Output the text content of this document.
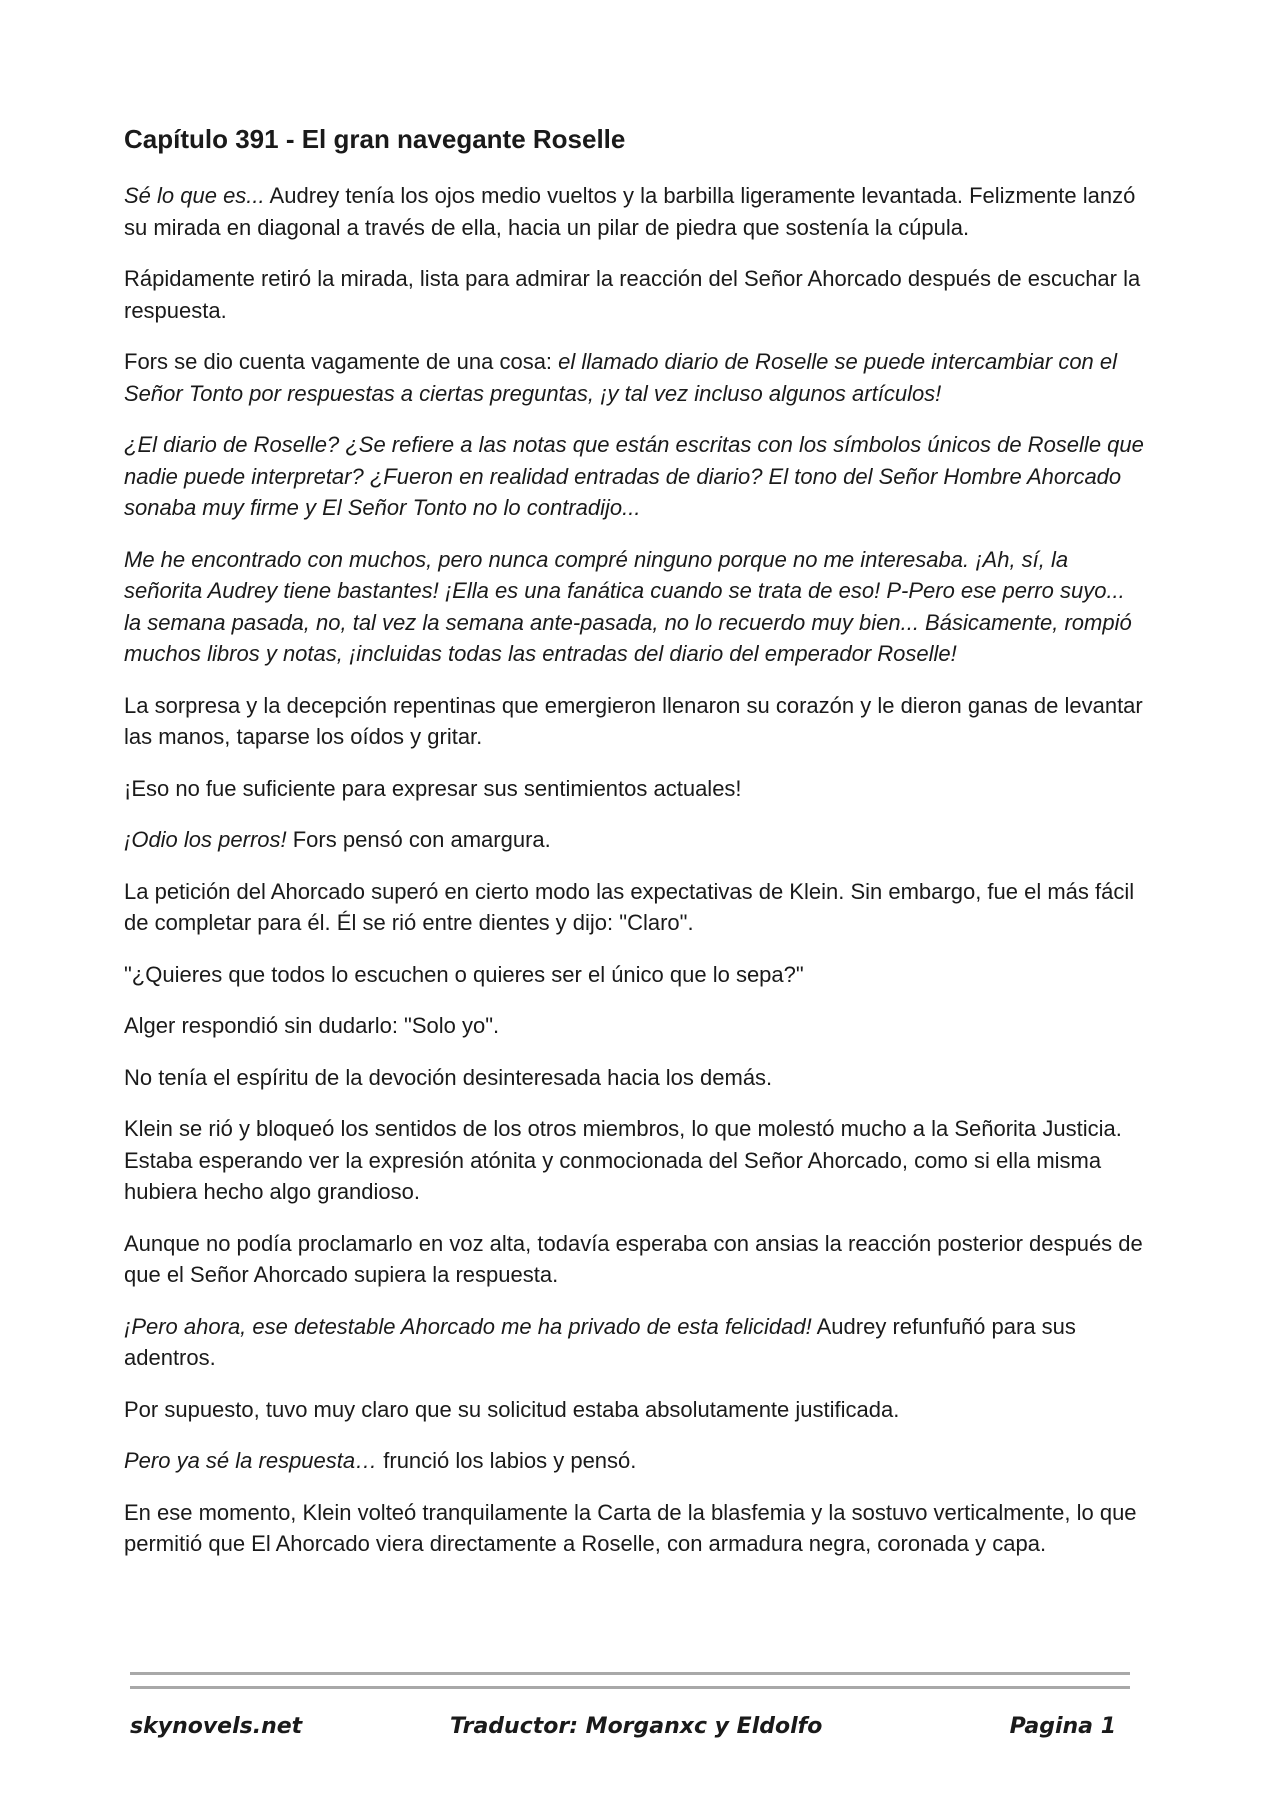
Capítulo 391 - El gran navegante Roselle

Sé lo que es... Audrey tenía los ojos medio vueltos y la barbilla ligeramente levantada. Felizmente lanzó su mirada en diagonal a través de ella, hacia un pilar de piedra que sostenía la cúpula.

Rápidamente retiró la mirada, lista para admirar la reacción del Señor Ahorcado después de escuchar la respuesta.

Fors se dio cuenta vagamente de una cosa: el llamado diario de Roselle se puede intercambiar con el Señor Tonto por respuestas a ciertas preguntas, ¡y tal vez incluso algunos artículos!

¿El diario de Roselle? ¿Se refiere a las notas que están escritas con los símbolos únicos de Roselle que nadie puede interpretar? ¿Fueron en realidad entradas de diario? El tono del Señor Hombre Ahorcado sonaba muy firme y El Señor Tonto no lo contradijo...

Me he encontrado con muchos, pero nunca compré ninguno porque no me interesaba. ¡Ah, sí, la señorita Audrey tiene bastantes! ¡Ella es una fanática cuando se trata de eso! P-Pero ese perro suyo... la semana pasada, no, tal vez la semana ante-pasada, no lo recuerdo muy bien... Básicamente, rompió muchos libros y notas, ¡incluidas todas las entradas del diario del emperador Roselle!

La sorpresa y la decepción repentinas que emergieron llenaron su corazón y le dieron ganas de levantar las manos, taparse los oídos y gritar.

¡Eso no fue suficiente para expresar sus sentimientos actuales!

¡Odio los perros! Fors pensó con amargura.

La petición del Ahorcado superó en cierto modo las expectativas de Klein. Sin embargo, fue el más fácil de completar para él. Él se rió entre dientes y dijo: "Claro".

"¿Quieres que todos lo escuchen o quieres ser el único que lo sepa?"

Alger respondió sin dudarlo: "Solo yo".

No tenía el espíritu de la devoción desinteresada hacia los demás.

Klein se rió y bloqueó los sentidos de los otros miembros, lo que molestó mucho a la Señorita Justicia. Estaba esperando ver la expresión atónita y conmocionada del Señor Ahorcado, como si ella misma hubiera hecho algo grandioso.

Aunque no podía proclamarlo en voz alta, todavía esperaba con ansias la reacción posterior después de que el Señor Ahorcado supiera la respuesta.

¡Pero ahora, ese detestable Ahorcado me ha privado de esta felicidad! Audrey refunfuñó para sus adentros.

Por supuesto, tuvo muy claro que su solicitud estaba absolutamente justificada.

Pero ya sé la respuesta… frunció los labios y pensó.

En ese momento, Klein volteó tranquilamente la Carta de la blasfemia y la sostuvo verticalmente, lo que permitió que El Ahorcado viera directamente a Roselle, con armadura negra, coronada y capa.

skynovels.net	Traductor: Morganxc y Eldolfo	Pagina 1
